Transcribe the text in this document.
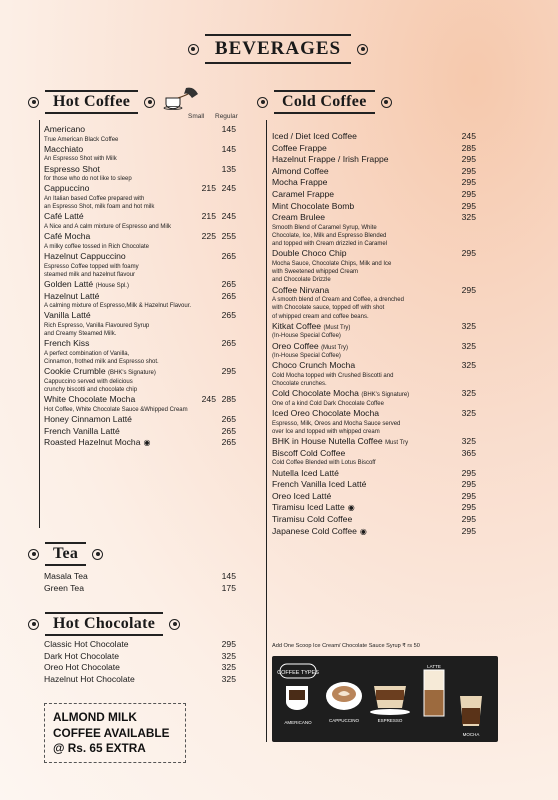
BEVERAGES
Hot Coffee
Small Regular
Americano	145
True American Black Coffee
Macchiato	145
An Espresso Shot with Milk
Espresso Shot	135
for those who do not like to sleep
Cappuccino	215 245
An Italian based Coffee prepared with
an Espresso Shot, milk foam and hot milk
Café Latté	215 245
A Nice and A calm mixture of Espresso and Milk
Café Mocha	225 255
A milky coffee tossed in Rich Chocolate
Hazelnut Cappuccino	265
Espresso Coffee topped with foamy
steamed milk and hazelnut flavour
Golden Latté (House Spl.)	265
Hazelnut Latté	265
A calming mixture of Espresso,Milk & Hazelnut Flavour.
Vanilla Latté	265
Rich Espresso, Vanilla Flavoured Syrup
and Creamy Steamed Milk.
French Kiss	265
A perfect combination of Vanilla,
Cinnamon, frothed milk and Espresso shot.
Cookie Crumble (BHK's Signature)	295
Cappuccino served with delicious
crunchy biscotti and chocolate chip
White Chocolate Mocha	245 285
Hot Coffee, White Chocolate Sauce &Whipped Cream
Honey Cinnamon Latté	265
French Vanilla Latté	265
Roasted Hazelnut Mocha ◉	265
Tea
Masala Tea	145
Green Tea	175
Hot Chocolate
Classic Hot Chocolate	295
Dark Hot Chocolate	325
Oreo Hot Chocolate	325
Hazelnut Hot Chocolate	325
ALMOND MILK
COFFEE AVAILABLE
@ Rs. 65 EXTRA
Cold Coffee
Iced / Diet Iced Coffee	245
Coffee Frappe	285
Hazelnut Frappe / Irish Frappe	295
Almond Coffee	295
Mocha Frappe	295
Caramel Frappe	295
Mint Chocolate Bomb	295
Cream Brulee	325
Smooth Blend of Caramel Syrup, White
Chocolate, Ice, Milk and Espresso Blended
and topped with Cream drizzled in Caramel
Double Choco Chip	295
Mocha Sauce, Chocolate Chips, Milk and Ice
with Sweetened whipped Cream
and Chocolate Drizzle
Coffee Nirvana	295
A smooth blend of Cream and Coffee, a drenched
with Chocolate sauce, topped off with shot
of whipped cream and coffee beans.
Kitkat Coffee (Must Try)	325
(In-House Special Coffee)
Oreo Coffee (Must Try)	325
(In-House Special Coffee)
Choco Crunch Mocha	325
Cold Mocha topped with Crushed Biscotti and
Chocolate crunches.
Cold Chocolate Mocha (BHK's Signature)	325
One of a kind Cold Dark Chocolate Coffee
Iced Oreo Chocolate Mocha	325
Espresso, Milk, Oreos and Mocha Sauce served
over Ice and topped with whipped cream
BHK in House Nutella Coffee Must Try	325
Biscoff Cold Coffee	365
Cold Coffee Blended with Lotus Biscoff
Nutella Iced Latté	295
French Vanilla Iced Latté	295
Oreo Iced Latté	295
Tiramisu Iced Latte ◉	295
Tiramisu Cold Coffee	295
Japanese Cold Coffee ◉	295
Add One Scoop Ice Cream/ Chocolate Sauce Syrup ₹ rs 50
COFFEE TYPES
AMERICANO	CAPPUCCINO	ESPRESSO
LATTE
MOCHA
